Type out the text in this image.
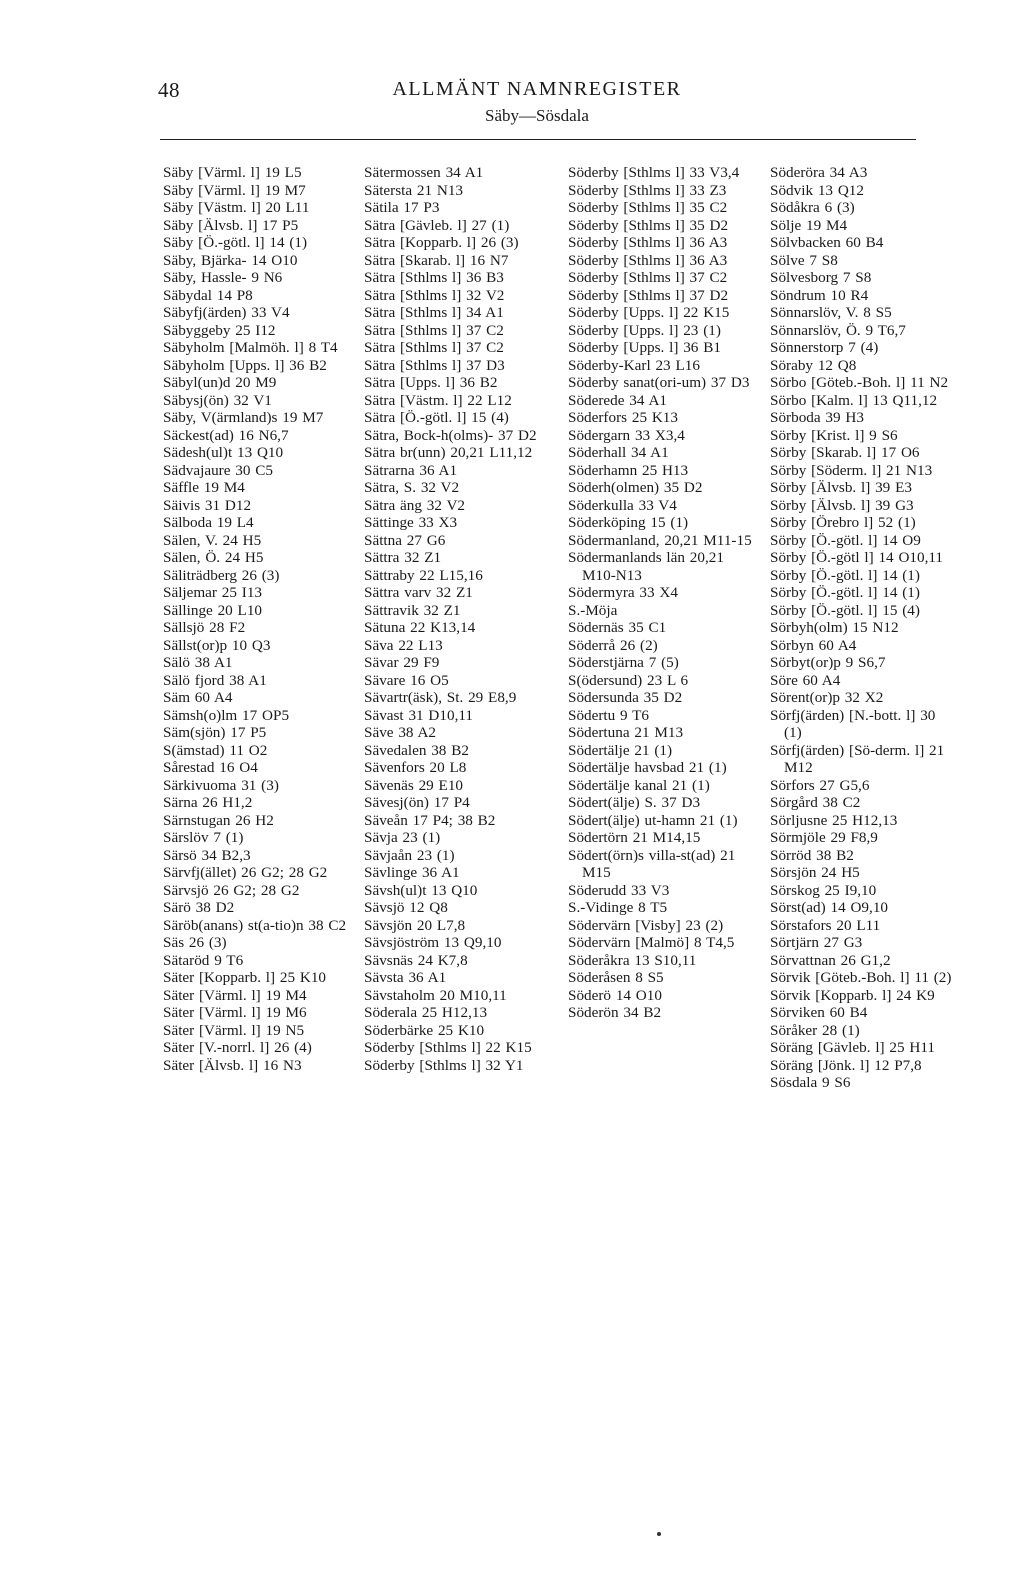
48	ALLMÄNT NAMNREGISTER
Säby—Sösdala
Säby [Värml. l] 19 L5
Säby [Värml. l] 19 M7
Säby [Västm. l] 20 L11
Säby [Älvsb. l] 17 P5
Säby [Ö.-götl. l] 14 (1)
Säby, Bjärka- 14 O10
Säby, Hassle- 9 N6
Säbydal 14 P8
Säbyfj(ärden) 33 V4
Säbyggeby 25 I12
Säbyholm [Malmöh. l] 8 T4
Säbyholm [Upps. l] 36 B2
Säbyl(un)d 20 M9
Säbysj(ön) 32 V1
Säby, V(ärmland)s 19 M7
Säckest(ad) 16 N6,7
Sädesh(ul)t 13 Q10
Sädvajaure 30 C5
Säffle 19 M4
Säivis 31 D12
Sälboda 19 L4
Sälen, V. 24 H5
Sälen, Ö. 24 H5
Säliträdberg 26 (3)
Säljemar 25 I13
Sällinge 20 L10
Sällsjö 28 F2
Sällst(or)p 10 Q3
Sälö 38 A1
Sälö fjord 38 A1
Säm 60 A4
Sämsh(o)lm 17 OP5
Säm(sjön) 17 P5
S(ämstad) 11 O2
Sårestad 16 O4
Särkivuoma 31 (3)
Särna 26 H1,2
Särnstugan 26 H2
Särslöv 7 (1)
Särsö 34 B2,3
Särvfj(ället) 26 G2; 28 G2
Särvsjö 26 G2; 28 G2
Särö 38 D2
Säröb(anans) st(a-tio)n 38 C2
Säs 26 (3)
Sätaröd 9 T6
Säter [Kopparb. l] 25 K10
Säter [Värml. l] 19 M4
Säter [Värml. l] 19 M6
Säter [Värml. l] 19 N5
Säter [V.-norrl. l] 26 (4)
Säter [Älvsb. l] 16 N3
Sätermossen 34 A1
Sätersta 21 N13
Sätila 17 P3
Sätra [Gävleb. l] 27 (1)
Sätra [Kopparb. l] 26 (3)
Sätra [Skarab. l] 16 N7
Sätra [Sthlms l] 36 B3
Sätra [Sthlms l] 32 V2
Sätra [Sthlms l] 34 A1
Sätra [Sthlms l] 37 C2
Sätra [Sthlms l] 37 C2
Sätra [Sthlms l] 37 D3
Sätra [Upps. l] 36 B2
Sätra [Västm. l] 22 L12
Sätra [Ö.-götl. l] 15 (4)
Sätra, Bock-h(olms)- 37 D2
Sätra br(unn) 20,21 L11,12
Sätrarna 36 A1
Sätra, S. 32 V2
Sätra äng 32 V2
Sättinge 33 X3
Sättna 27 G6
Sättra 32 Z1
Sättraby 22 L15,16
Sättra varv 32 Z1
Sättravik 32 Z1
Sätuna 22 K13,14
Säva 22 L13
Sävar 29 F9
Sävare 16 O5
Sävartr(äsk), St. 29 E8,9
Sävast 31 D10,11
Säve 38 A2
Sävedalen 38 B2
Sävenfors 20 L8
Sävenäs 29 E10
Sävesj(ön) 17 P4
Säveån 17 P4; 38 B2
Sävja 23 (1)
Sävjaån 23 (1)
Sävlinge 36 A1
Sävsh(ul)t 13 Q10
Sävsjö 12 Q8
Sävsjön 20 L7,8
Sävsjöström 13 Q9,10
Sävsnäs 24 K7,8
Sävsta 36 A1
Sävstaholm 20 M10,11
Söderala 25 H12,13
Söderbärke 25 K10
Söderby [Sthlms l] 22 K15
Söderby [Sthlms l] 32 Y1
Söderby [Sthlms l] 33 V3,4
Söderby [Sthlms l] 33 Z3
Söderby [Sthlms l] 35 C2
Söderby [Sthlms l] 35 D2
Söderby [Sthlms l] 36 A3
Söderby [Sthlms l] 36 A3
Söderby [Sthlms l] 37 C2
Söderby [Sthlms l] 37 D2
Söderby [Upps. l] 22 K15
Söderby [Upps. l] 23 (1)
Söderby [Upps. l] 36 B1
Söderby-Karl 23 L16
Söderby sanat(ori-um) 37 D3
Söderede 34 A1
Söderfors 25 K13
Södergarn 33 X3,4
Söderhall 34 A1
Söderhamn 25 H13
Söderh(olmen) 35 D2
Söderkulla 33 V4
Söderköping 15 (1)
Södermanland, 20,21 M11-15
Södermanlands län 20,21 M10-N13
Södermyra 33 X4
S.-Möja
Södernäs 35 C1
Söderrå 26 (2)
Söderstjärna 7 (5)
S(ödersund) 23 L 6
Södersunda 35 D2
Södertu 9 T6
Södertuna 21 M13
Södertälje 21 (1)
Södertälje havsbad 21 (1)
Södertälje kanal 21 (1)
Södert(älje) S. 37 D3
Södert(älje) ut-hamn 21 (1)
Södertörn 21 M14,15
Södert(örn)s villa-st(ad) 21 M15
Söderudd 33 V3
S.-Vidinge 8 T5
Södervärn [Visby] 23 (2)
Södervärn [Malmö] 8 T4,5
Söderåkra 13 S10,11
Söderåsen 8 S5
Söderö 14 O10
Söderön 34 B2
Söderöra 34 A3
Södvik 13 Q12
Södåkra 6 (3)
Sölje 19 M4
Sölvbacken 60 B4
Sölve 7 S8
Sölvesborg 7 S8
Söndrum 10 R4
Sönnarslöv, V. 8 S5
Sönnarslöv, Ö. 9 T6,7
Sönnerstorp 7 (4)
Söraby 12 Q8
Sörbo [Göteb.-Boh. l] 11 N2
Sörbo [Kalm. l] 13 Q11,12
Sörboda 39 H3
Sörby [Krist. l] 9 S6
Sörby [Skarab. l] 17 O6
Sörby [Söderm. l] 21 N13
Sörby [Älvsb. l] 39 E3
Sörby [Älvsb. l] 39 G3
Sörby [Örebro l] 52 (1)
Sörby [Ö.-götl. l] 14 O9
Sörby [Ö.-götl l] 14 O10,11
Sörby [Ö.-götl. l] 14 (1)
Sörby [Ö.-götl. l] 14 (1)
Sörby [Ö.-götl. l] 15 (4)
Sörbyh(olm) 15 N12
Sörbyn 60 A4
Sörbyt(or)p 9 S6,7
Söre 60 A4
Sörent(or)p 32 X2
Sörfj(ärden) [N.-bott. l] 30 (1)
Sörfj(ärden) [Sö-derm. l] 21 M12
Sörfors 27 G5,6
Sörgård 38 C2
Sörljusne 25 H12,13
Sörmjöle 29 F8,9
Sörröd 38 B2
Sörsjön 24 H5
Sörskog 25 I9,10
Sörst(ad) 14 O9,10
Sörstafors 20 L11
Sörtjärn 27 G3
Sörvattnan 26 G1,2
Sörvik [Göteb.-Boh. l] 11 (2)
Sörvik [Kopparb. l] 24 K9
Sörviken 60 B4
Söråker 28 (1)
Söräng [Gävleb. l] 25 H11
Söräng [Jönk. l] 12 P7,8
Sösdala 9 S6
